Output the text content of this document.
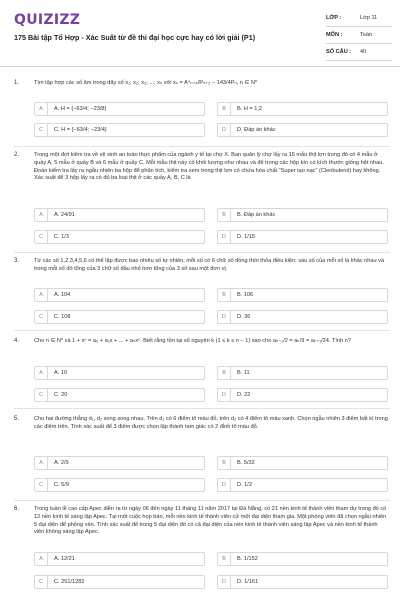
QUIZIZZ
175 Bài tập Tổ Hợp - Xác Suất từ đề thi đại học cực hay có lời giải (P1)
LỚP :	Lớp 11
MÔN :	Toán
SỐ CÂU :	40
1.	Tìm tập hợp các số âm trong dãy số x₁; x₂; x₃; ...; xₙ với xₙ = A⁴ₙ₊₄/Pₙ₊₂ − 143/4Pₙ, n ∈ N*
A	A. H = {−63/4; −23/8}	B	B. H = 1;2
C	C. H = {−63/4; −23/4}	D	D. Đáp án khác
2.	Trong một đợt kiểm tra về vệ sinh an toàn thực phẩm của ngành y tế tại chợ X. Ban quản lý chợ lấy ra 15 mẫu thịt lợn trong đó có 4 mẫu ở quầy A, 5 mẫu ở quầy B và 6 mẫu ở quầy C. Mỗi mẫu thịt này có khối lượng như nhau và để trong các hộp kín có kích thước giống hệt nhau. Đoàn kiểm tra lấy ra ngẫu nhiên ba hộp để phân tích, kiểm tra xem trong thịt lợn có chứa hóa chất "Super tạo nạc" (Clenbuterol) hay không. Xác suất để 3 hộp lấy ra có đủ ba loại thịt ở các quầy A, B, C là
A	A. 24/91	B	B. Đáp án khác
C	C. 1/3	D	D. 1/15
3.	Từ các số 1,2,3,4,5,6 có thể lập được bao nhiêu số tự nhiên, mỗi số có 6 chữ số đồng thời thỏa điều kiện: sáu số của mỗi số là khác nhau và trong mỗi số đó tổng của 3 chữ số đầu nhỏ hơn tổng của 3 số sau một đơn vị.
A	A. 104	B	B. 106
C	C. 108	D	D. 36
4.	Cho n ∈ N* và 1 + xⁿ = a₀ + a₁x + ... + aₙxⁿ. Biết rằng tồn tại số nguyên k (1 ≤ k ≤ n − 1) sao cho aₖ₋₁/2 = aₖ/9 = aₖ₊₁/24. Tính n?
A	A. 10	B	B. 11
C	C. 20	D	D. 22
5.	Cho hai đường thẳng d₁, d₂ song song nhau. Trên d₁ có 6 điểm tô màu đỏ, trên d₂ có 4 điểm tô màu xanh. Chọn ngẫu nhiên 3 điểm bất kì trong các điểm trên. Tính xác suất để 3 điểm được chọn lập thành tam giác có 2 đỉnh tô màu đỏ.
A	A. 2/9	B	B. 5/32
C	C. 5/9	D	D. 1/2
6.	Trong tuần lễ cao cấp Apec diễn ra từ ngày 06 đến ngày 11 tháng 11 năm 2017 tại Đà Nẵng, có 21 nền kinh tế thành viên tham dự trong đó có 12 nền kinh tế sáng lập Apec. Tại một cuộc họp báo, mỗi nền kinh tế thành viên cử một đại diện tham gia. Một phóng viên đã chọn ngẫu nhiên 5 đại diện để phỏng vấn. Tính xác suất để trong 5 đại diện đó có cả đại diện của nền kinh tế thành viên sáng lập Apec và nền kinh tế thành viên không sáng lập Apec.
A	A. 12/21	B	B. 1/152
C	C. 251/1282	D	D. 1/161
